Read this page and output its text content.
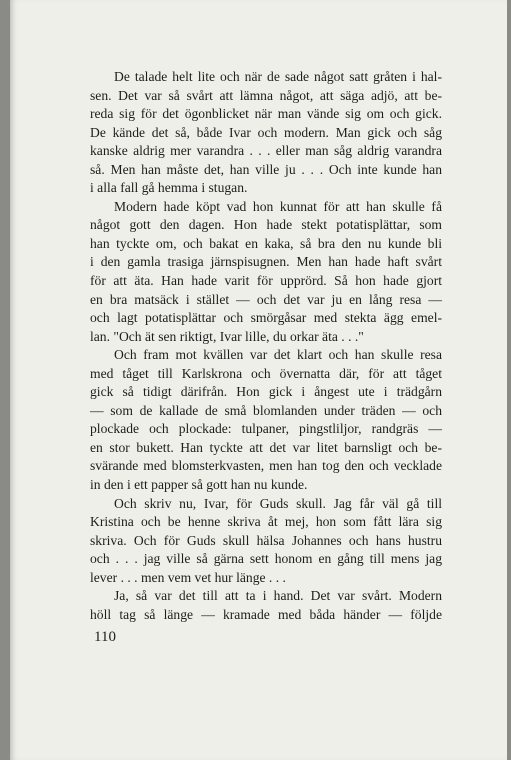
De talade helt lite och när de sade något satt gråten i hal-
sen. Det var så svårt att lämna något, att säga adjö, att be-
reda sig för det ögonblicket när man vände sig om och gick.
De kände det så, både Ivar och modern. Man gick och såg
kanske aldrig mer varandra . . . eller man såg aldrig varandra
så. Men han måste det, han ville ju . . . Och inte kunde han
i alla fall gå hemma i stugan.
Modern hade köpt vad hon kunnat för att han skulle få
något gott den dagen. Hon hade stekt potatisplättar, som
han tyckte om, och bakat en kaka, så bra den nu kunde bli
i den gamla trasiga järnspisugnen. Men han hade haft svårt
för att äta. Han hade varit för upprörd. Så hon hade gjort
en bra matsäck i stället — och det var ju en lång resa —
och lagt potatisplättar och smörgåsar med stekta ägg emel-
lan. "Och ät sen riktigt, Ivar lille, du orkar äta . . ."
Och fram mot kvällen var det klart och han skulle resa
med tåget till Karlskrona och övernatta där, för att tåget
gick så tidigt därifrån. Hon gick i ångest ute i trädgårn
— som de kallade de små blomlanden under träden — och
plockade och plockade: tulpaner, pingstliljor, randgräs —
en stor bukett. Han tyckte att det var litet barnsligt och be-
svärande med blomsterkvasten, men han tog den och vecklade
in den i ett papper så gott han nu kunde.
Och skriv nu, Ivar, för Guds skull. Jag får väl gå till
Kristina och be henne skriva åt mej, hon som fått lära sig
skriva. Och för Guds skull hälsa Johannes och hans hustru
och . . . jag ville så gärna sett honom en gång till mens jag
lever . . . men vem vet hur länge . . .
Ja, så var det till att ta i hand. Det var svårt. Modern
höll tag så länge — kramade med båda händer — följde
110
